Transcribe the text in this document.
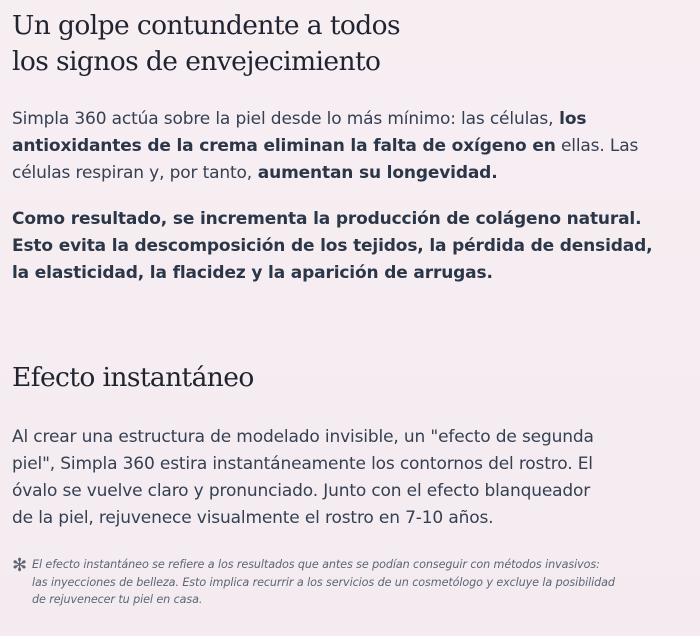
Un golpe contundente a todos
los signos de envejecimiento

Simpla 360 actúa sobre la piel desde lo más mínimo: las células, los
antioxidantes de la crema eliminan la falta de oxígeno en ellas. Las
células respiran y, por tanto, aumentan su longevidad.

Como resultado, se incrementa la producción de colágeno natural.
Esto evita la descomposición de los tejidos, la pérdida de densidad,
la elasticidad, la flacidez y la aparición de arrugas.

Efecto instantáneo

Al crear una estructura de modelado invisible, un "efecto de segunda
piel", Simpla 360 estira instantáneamente los contornos del rostro. El
óvalo se vuelve claro y pronunciado. Junto con el efecto blanqueador
de la piel, rejuvenece visualmente el rostro en 7-10 años.

✻ El efecto instantáneo se refiere a los resultados que antes se podían conseguir con métodos invasivos:
las inyecciones de belleza. Esto implica recurrir a los servicios de un cosmetólogo y excluye la posibilidad
de rejuvenecer tu piel en casa.
